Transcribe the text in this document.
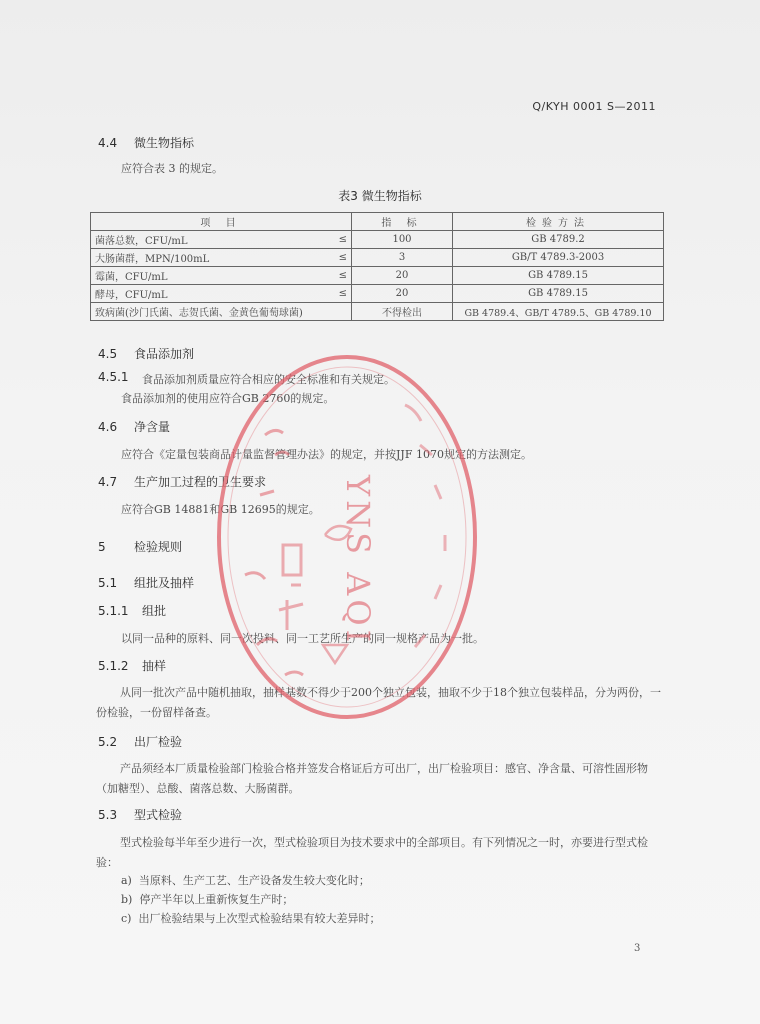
Q/KYH 0001 S—2011
4.4 微生物指标
应符合表 3 的规定。
表3 微生物指标
项 目		指 标	检验方法
菌落总数，CFU/mL	≤	100	GB 4789.2
大肠菌群，MPN/100mL	≤	3	GB/T 4789.3-2003
霉菌，CFU/mL	≤	20	GB 4789.15
酵母，CFU/mL	≤	20	GB 4789.15
致病菌(沙门氏菌、志贺氏菌、金黄色葡萄球菌)		不得检出	GB 4789.4、GB/T 4789.5、GB 4789.10
4.5 食品添加剂
4.5.1	食品添加剂质量应符合相应的安全标准和有关规定。
食品添加剂的使用应符合GB 2760的规定。
4.6 净含量
应符合《定量包装商品计量监督管理办法》的规定，并按JJF 1070规定的方法测定。
4.7 生产加工过程的卫生要求
应符合GB 14881和GB 12695的规定。
5 检验规则
5.1 组批及抽样
5.1.1 组批
以同一品种的原料、同一次投料、同一工艺所生产的同一规格产品为一批。
5.1.2 抽样
从同一批次产品中随机抽取，抽样基数不得少于200个独立包装，抽取不少于18个独立包装样品，分为两份，一份检验，一份留样备查。
5.2 出厂检验
产品须经本厂质量检验部门检验合格并签发合格证后方可出厂，出厂检验项目：感官、净含量、可溶性固形物（加糖型）、总酸、菌落总数、大肠菌群。
5.3 型式检验
型式检验每半年至少进行一次，型式检验项目为技术要求中的全部项目。有下列情况之一时，亦要进行型式检验：
a) 当原料、生产工艺、生产设备发生较大变化时；
b) 停产半年以上重新恢复生产时；
c) 出厂检验结果与上次型式检验结果有较大差异时；
3
YNS AQI
